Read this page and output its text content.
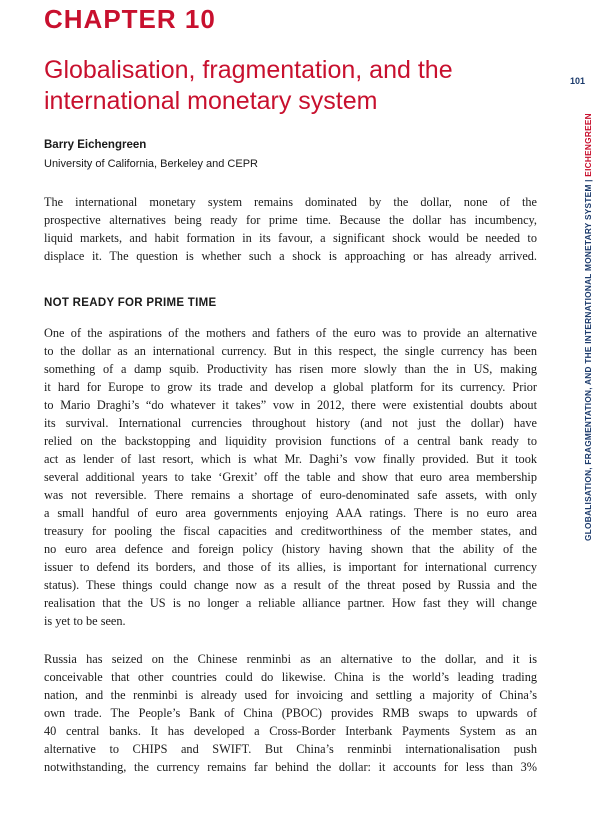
CHAPTER 10
Globalisation, fragmentation, and the
international monetary system
101
GLOBALISATION, FRAGMENTATION, AND THE INTERNATIONAL MONETARY SYSTEM | EICHENGREEN
Barry Eichengreen
University of California, Berkeley and CEPR
The international monetary system remains dominated by the dollar, none of the
prospective alternatives being ready for prime time. Because the dollar has incumbency,
liquid markets, and habit formation in its favour, a significant shock would be needed to
displace it. The question is whether such a shock is approaching or has already arrived.
NOT READY FOR PRIME TIME
One of the aspirations of the mothers and fathers of the euro was to provide an alternative
to the dollar as an international currency. But in this respect, the single currency has been
something of a damp squib. Productivity has risen more slowly than the in US, making
it hard for Europe to grow its trade and develop a global platform for its currency. Prior
to Mario Draghi’s “do whatever it takes” vow in 2012, there were existential doubts about
its survival. International currencies throughout history (and not just the dollar) have
relied on the backstopping and liquidity provision functions of a central bank ready to
act as lender of last resort, which is what Mr. Daghi’s vow finally provided. But it took
several additional years to take ‘Grexit’ off the table and show that euro area membership
was not reversible. There remains a shortage of euro-denominated safe assets, with only
a small handful of euro area governments enjoying AAA ratings. There is no euro area
treasury for pooling the fiscal capacities and creditworthiness of the member states, and
no euro area defence and foreign policy (history having shown that the ability of the
issuer to defend its borders, and those of its allies, is important for international currency
status). These things could change now as a result of the threat posed by Russia and the
realisation that the US is no longer a reliable alliance partner. How fast they will change
is yet to be seen.
Russia has seized on the Chinese renminbi as an alternative to the dollar, and it is
conceivable that other countries could do likewise. China is the world’s leading trading
nation, and the renminbi is already used for invoicing and settling a majority of China’s
own trade. The People’s Bank of China (PBOC) provides RMB swaps to upwards of
40 central banks. It has developed a Cross-Border Interbank Payments System as an
alternative to CHIPS and SWIFT. But China’s renminbi internationalisation push
notwithstanding, the currency remains far behind the dollar: it accounts for less than 3%
